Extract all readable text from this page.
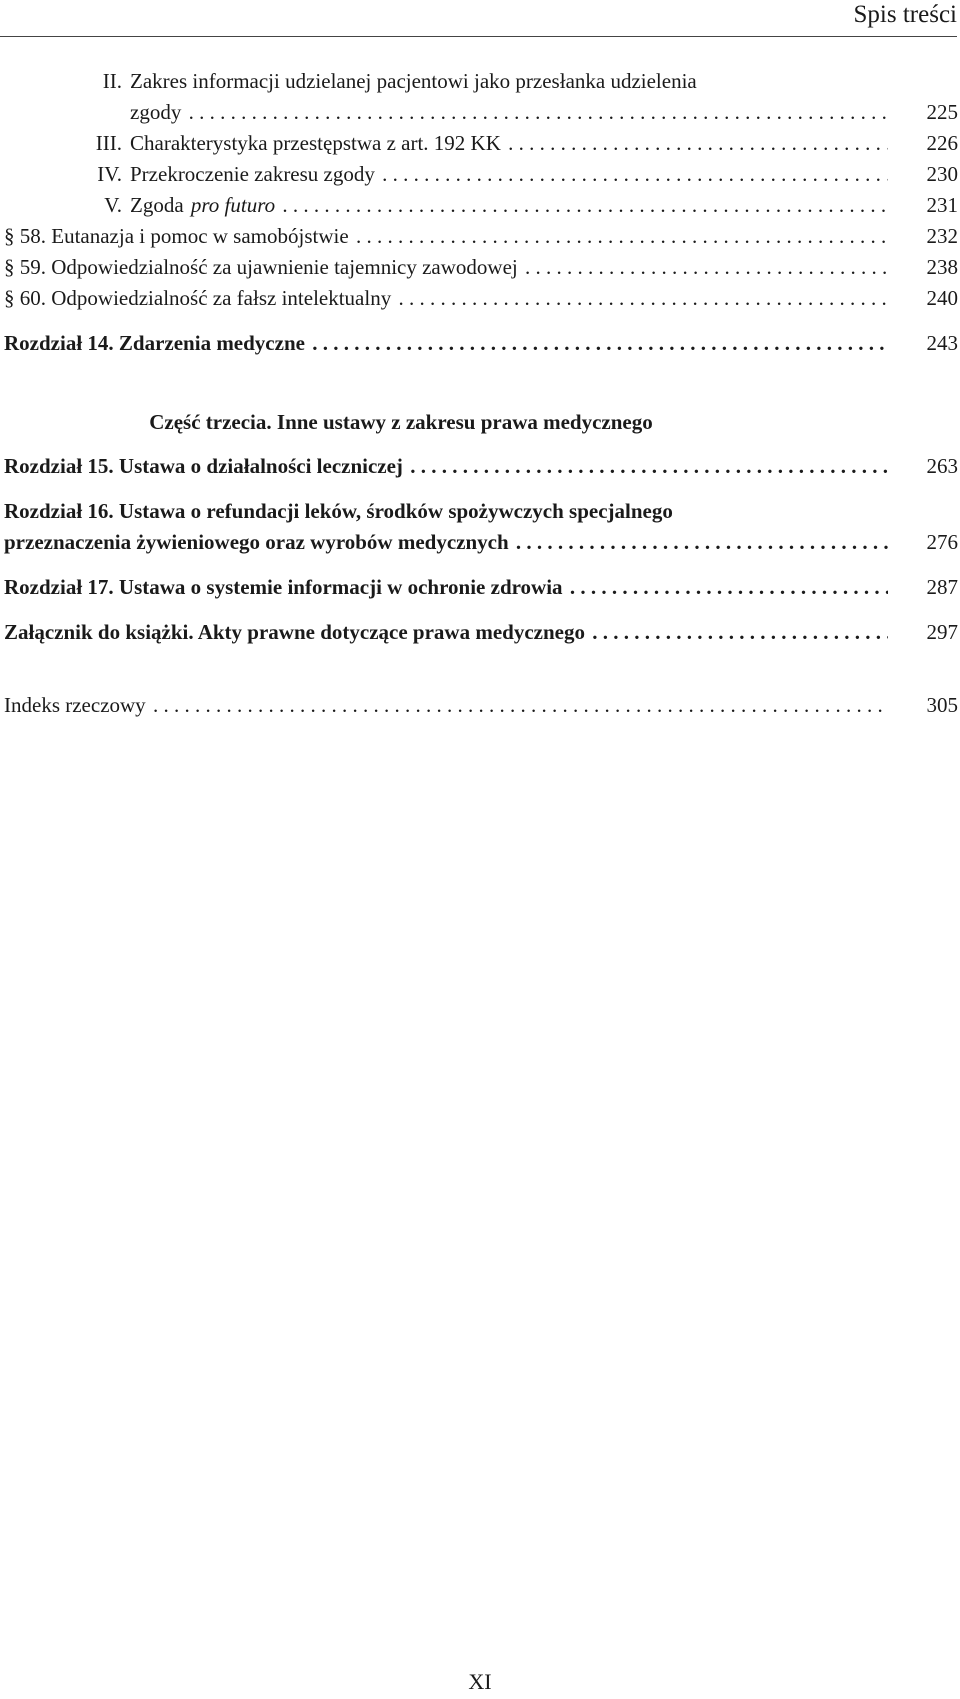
Spis treści
II. Zakres informacji udzielanej pacjentowi jako przesłanka udzielenia
zgody . . .	225
III. Charakterystyka przestępstwa z art. 192 KK . . .	226
IV. Przekroczenie zakresu zgody . . .	230
V. Zgoda pro futuro . . .	231
§ 58. Eutanazja i pomoc w samobójstwie . . .	232
§ 59. Odpowiedzialność za ujawnienie tajemnicy zawodowej . . .	238
§ 60. Odpowiedzialność za fałsz intelektualny . . .	240
Rozdział 14. Zdarzenia medyczne . . .	243
Część trzecia. Inne ustawy z zakresu prawa medycznego
Rozdział 15. Ustawa o działalności leczniczej . . .	263
Rozdział 16. Ustawa o refundacji leków, środków spożywczych specjalnego
przeznaczenia żywieniowego oraz wyrobów medycznych . . .	276
Rozdział 17. Ustawa o systemie informacji w ochronie zdrowia . . .	287
Załącznik do książki. Akty prawne dotyczące prawa medycznego . . .	297
Indeks rzeczowy . . .	305
XI
